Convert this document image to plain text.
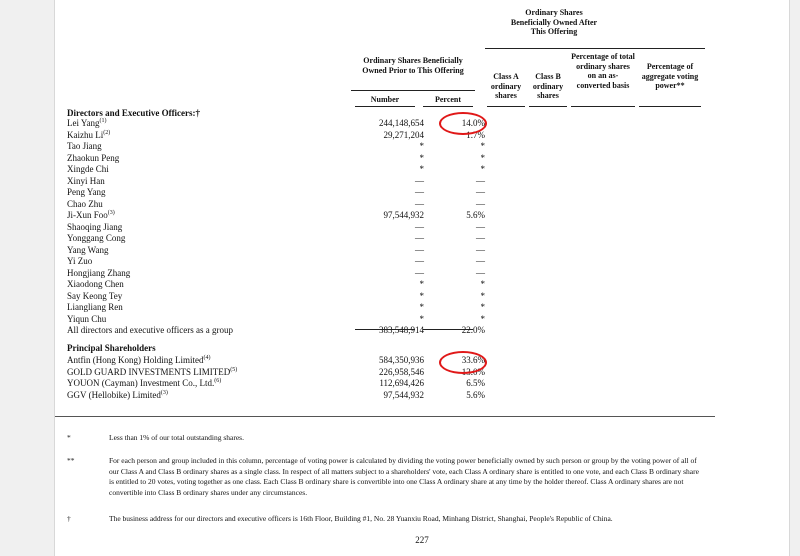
Ordinary Shares Beneficially Owned After This Offering
Ordinary Shares Beneficially Owned Prior to This Offering
Number	Percent
Class A ordinary shares
Class B ordinary shares
Percentage of total ordinary shares on an as-converted basis
Percentage of aggregate voting power**
Directors and Executive Officers:†
Lei Yang$^{(1)}$	244,148,654	14.0%
Kaizhu Li$^{(2)}$	29,271,204	1.7%
Tao Jiang	*	*
Zhaokun Peng	*	*
Xingde Chi	*	*
Xinyi Han	—	—
Peng Yang	—	—
Chao Zhu	—	—
Ji-Xun Foo$^{(3)}$	97,544,932	5.6%
Shaoqing Jiang	—	—
Yonggang Cong	—	—
Yang Wang	—	—
Yi Zuo	—	—
Hongjiang Zhang	—	—
Xiaodong Chen	*	*
Say Keong Tey	*	*
Liangliang Ren	*	*
Yiqun Chu	*	*
All directors and executive officers as a group	383,548,914	22.0%
Principal Shareholders
Antfin (Hong Kong) Holding Limited$^{(4)}$	584,350,936	33.6%
GOLD GUARD INVESTMENTS LIMITED$^{(5)}$	226,958,546	13.0%
YOUON (Cayman) Investment Co., Ltd.$^{(6)}$	112,694,426	6.5%
GGV (Hellobike) Limited$^{(3)}$	97,544,932	5.6%
*	Less than 1% of our total outstanding shares.
**	For each person and group included in this column, percentage of voting power is calculated by dividing the voting power beneficially owned by such person or group by the voting power of all of our Class A and Class B ordinary shares as a single class. In respect of all matters subject to a shareholders' vote, each Class A ordinary share is entitled to one vote, and each Class B ordinary share is entitled to 20 votes, voting together as one class. Each Class B ordinary share is convertible into one Class A ordinary share at any time by the holder thereof. Class A ordinary shares are not convertible into Class B ordinary shares under any circumstances.
†	The business address for our directors and executive officers is 16th Floor, Building #1, No. 28 Yuanxiu Road, Minhang District, Shanghai, People's Republic of China.
227
